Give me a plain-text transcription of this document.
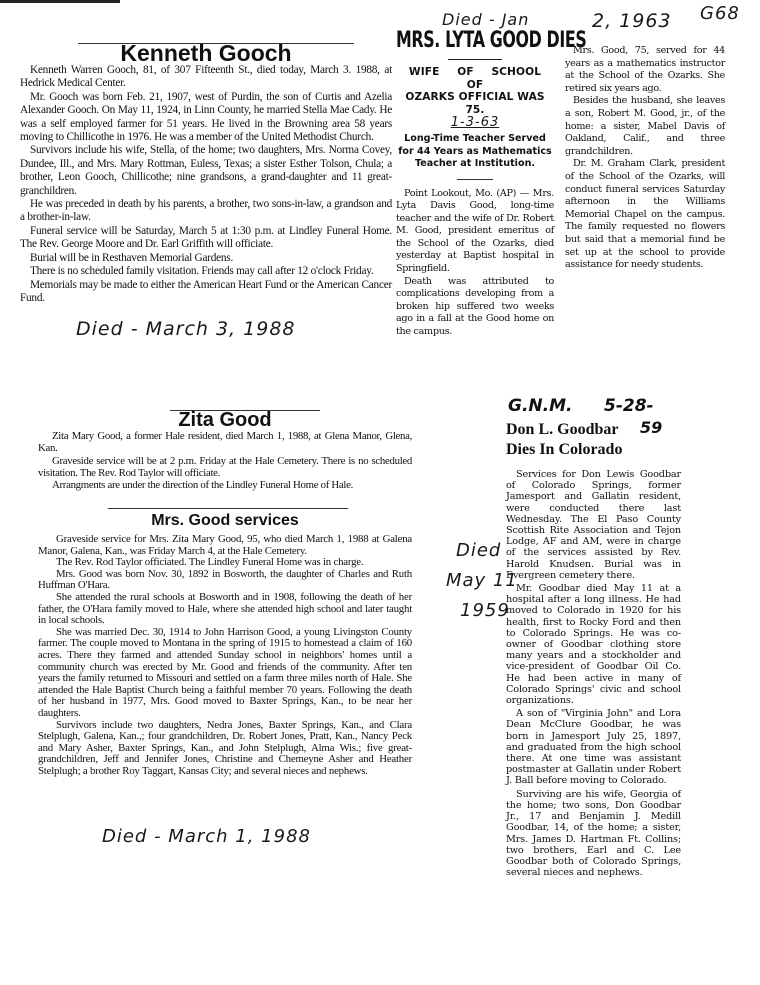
Kenneth Gooch

Kenneth Warren Gooch, 81, of 307 Fifteenth St., died today, March 3. 1988, at Hedrick Medical Center.

Mr. Gooch was born Feb. 21, 1907, west of Purdin, the son of Curtis and Azelia Alexander Gooch. On May 11, 1924, in Linn County, he married Stella Mae Cady. He was a self employed farmer for 51 years. He lived in the Browning area 58 years moving to Chillicothe in 1976. He was a member of the United Methodist Church.

Survivors include his wife, Stella, of the home; two daughters, Mrs. Norma Covey, Dundee, Ill., and Mrs. Mary Rottman, Euless, Texas; a sister Esther Tolson, Chula; a brother, Leon Gooch, Chillicothe; nine grandsons, a grand-daughter and 11 great-granchildren.

He was preceded in death by his parents, a brother, two sons-in-law, a grandson and a brother-in-law.

Funeral service will be Saturday, March 5 at 1:30 p.m. at Lindley Funeral Home. The Rev. George Moore and Dr. Earl Griffith will officiate.

Burial will be in Resthaven Memorial Gardens.

There is no scheduled family visitation. Friends may call after 12 o'clock Friday.

Memorials may be made to either the American Heart Fund or the American Cancer Fund.

Died - March 3, 1988
Died - Jan	2, 1963 G68
MRS. LYTA GOOD DIES
WIFE OF SCHOOL OF
OZARKS OFFICIAL WAS 75.
1-3-63
Long-Time Teacher Served for 44 Years as Mathematics Teacher at Institution.

Point Lookout, Mo. (AP) — Mrs. Lyta Davis Good, long-time teacher and the wife of Dr. Robert M. Good, president emeritus of the School of the Ozarks, died yesterday at Baptist hospital in Springfield.

Death was attributed to complications developing from a broken hip suffered two weeks ago in a fall at the Good home on the campus.

Mrs. Good, 75, served for 44 years as a mathematics instructor at the School of the Ozarks. She retired six years ago.

Besides the husband, she leaves a son, Robert M. Good, jr., of the home: a sister, Mabel Davis of Oakland, Calif., and three grandchildren.

Dr. M. Graham Clark, president of the School of the Ozarks, will conduct funeral services Saturday afternoon in the Williams Memorial Chapel on the campus. The family requested no flowers but said that a memorial fund be set up at the school to provide assistance for needy students.

Zita Good

Zita Mary Good, a former Hale resident, died March 1, 1988, at Glena Manor, Glena, Kan.

Graveside service will be at 2 p.m. Friday at the Hale Cemetery. There is no scheduled visitation. The Rev. Rod Taylor will officiate.

Arrangments are under the direction of the Lindley Funeral Home of Hale.

Mrs. Good services

Graveside service for Mrs. Zita Mary Good, 95, who died March 1, 1988 at Galena Manor, Galena, Kan., was Friday March 4, at the Hale Cemetery.

The Rev. Rod Taylor officiated. The Lindley Funeral Home was in charge.

Mrs. Good was born Nov. 30, 1892 in Bosworth, the daughter of Charles and Ruth Huffman O'Hara.

She attended the rural schools at Bosworth and in 1908, following the death of her father, the O'Hara family moved to Hale, where she attended high school and later taught in local schools.

She was married Dec. 30, 1914 to John Harrison Good, a young Livingston County farmer. The couple moved to Montana in the spring of 1915 to homestead a claim of 160 acres. There they farmed and attended Sunday school in neighbors' homes until a community church was erected by Mr. Good and friends of the community. After ten years the family returned to Missouri and settled on a farm three miles north of Hale. She attended the Hale Baptist Church being a faithful member 70 years. Following the death of her husband in 1977, Mrs. Good moved to Baxter Springs, Kan., to be near her daughters.

Survivors include two daughters, Nedra Jones, Baxter Springs, Kan., and Clara Stelplugh, Galena, Kan.,; four grandchildren, Dr. Robert Jones, Pratt, Kan., Nancy Peck and Mary Asher, Baxter Springs, Kan., and John Stelplugh, Alma Wis.; five great-grandchildren, Jeff and Jennifer Jones, Christine and Chemeyne Asher and Heather Stelplugh; a brother Roy Taggart, Kansas City; and several nieces and nephews.

Died - March 1, 1988
G.N.M. 5-28-
59
Don L. Goodbar
Dies In Colorado

Services for Don Lewis Goodbar of Colorado Springs, former Jamesport and Gallatin resident, were conducted there last Wednesday. The El Paso County Scottish Rite Association and Tejon Lodge, AF and AM, were in charge of the services assisted by Rev. Harold Knudsen. Burial was in Evergreen cemetery there.

Mr. Goodbar died May 11 at a hospital after a long illness. He had moved to Colorado in 1920 for his health, first to Rocky Ford and then to Colorado Springs. He was co-owner of Goodbar clothing store many years and a stockholder and vice-president of Goodbar Oil Co. He had been active in many of Colorado Springs' civic and school organizations.

A son of "Virginia John" and Lora Dean McClure Goodbar, he was born in Jamesport July 25, 1897, and graduated from the high school there. At one time was assistant postmaster at Gallatin under Robert J. Ball before moving to Colorado.

Surviving are his wife, Georgia of the home; two sons, Don Goodbar Jr., 17 and Benjamin J. Medill Goodbar, 14, of the home; a sister, Mrs. James D. Hartman Ft. Collins; two brothers, Earl and C. Lee Goodbar both of Colorado Springs, several nieces and nephews.

Died
May 11
1959
